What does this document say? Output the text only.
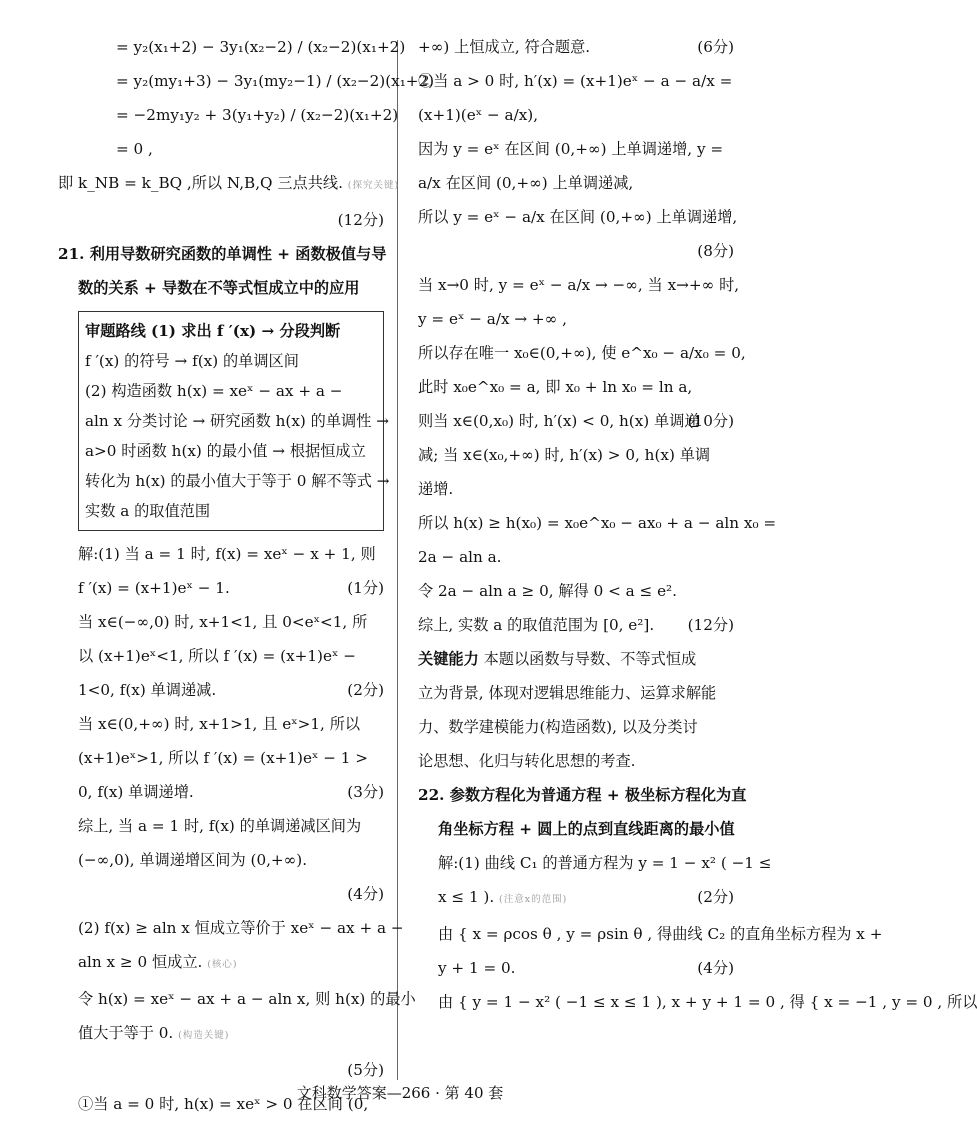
= y₂(x₁+2) − 3y₁(x₂−2) / (x₂−2)(x₁+2)
= y₂(my₁+3) − 3y₁(my₂−1) / (x₂−2)(x₁+2)
= −2my₁y₂ + 3(y₁+y₂) / (x₂−2)(x₁+2)
= 0 ,
即 k_NB = k_BQ ,所以 N,B,Q 三点共线. (探究关键)
(12分)
21. 利用导数研究函数的单调性 + 函数极值与导
数的关系 + 导数在不等式恒成立中的应用
审题路线 (1) 求出 f ′(x) → 分段判断
f ′(x) 的符号 → f(x) 的单调区间
(2) 构造函数 h(x) = xeˣ − ax + a −
aln x 分类讨论 → 研究函数 h(x) 的单调性 →
a>0 时函数 h(x) 的最小值 → 根据恒成立
转化为 h(x) 的最小值大于等于 0 解不等式 →
实数 a 的取值范围
解:(1) 当 a = 1 时, f(x) = xeˣ − x + 1, 则
f ′(x) = (x+1)eˣ − 1.	(1分)
当 x∈(−∞,0) 时, x+1<1, 且 0<eˣ<1, 所
以 (x+1)eˣ<1, 所以 f ′(x) = (x+1)eˣ −
1<0, f(x) 单调递减.	(2分)
当 x∈(0,+∞) 时, x+1>1, 且 eˣ>1, 所以
(x+1)eˣ>1, 所以 f ′(x) = (x+1)eˣ − 1 >
0, f(x) 单调递增.	(3分)
综上, 当 a = 1 时, f(x) 的单调递减区间为
(−∞,0), 单调递增区间为 (0,+∞).
(4分)
(2) f(x) ≥ aln x 恒成立等价于 xeˣ − ax + a −
aln x ≥ 0 恒成立. (核心)
令 h(x) = xeˣ − ax + a − aln x, 则 h(x) 的最小
值大于等于 0. (构造关键)
(5分)
①当 a = 0 时, h(x) = xeˣ > 0 在区间 (0,
+∞) 上恒成立, 符合题意.	(6分)
②当 a > 0 时, h′(x) = (x+1)eˣ − a − a/x =
(x+1)(eˣ − a/x),
因为 y = eˣ 在区间 (0,+∞) 上单调递增, y =
a/x 在区间 (0,+∞) 上单调递减,
所以 y = eˣ − a/x 在区间 (0,+∞) 上单调递增,
(8分)
当 x→0 时, y = eˣ − a/x → −∞, 当 x→+∞ 时,
y = eˣ − a/x → +∞ ,
所以存在唯一 x₀∈(0,+∞), 使 e^x₀ − a/x₀ = 0,
此时 x₀e^x₀ = a, 即 x₀ + ln x₀ = ln a,
(10分)
则当 x∈(0,x₀) 时, h′(x) < 0, h(x) 单调递
减; 当 x∈(x₀,+∞) 时, h′(x) > 0, h(x) 单调
递增.
所以 h(x) ≥ h(x₀) = x₀e^x₀ − ax₀ + a − aln x₀ =
2a − aln a.
令 2a − aln a ≥ 0, 解得 0 < a ≤ e².
综上, 实数 a 的取值范围为 [0, e²]. (12分)
关键能力 本题以函数与导数、不等式恒成
立为背景, 体现对逻辑思维能力、运算求解能
力、数学建模能力(构造函数), 以及分类讨
论思想、化归与转化思想的考查.
22. 参数方程化为普通方程 + 极坐标方程化为直
角坐标方程 + 圆上的点到直线距离的最小值
解:(1) 曲线 C₁ 的普通方程为 y = 1 − x² ( −1 ≤
x ≤ 1 ). (注意x的范围)	(2分)
由 { x = ρcos θ , y = ρsin θ , 得曲线 C₂ 的直角坐标方程为 x +
y + 1 = 0.	(4分)
由 { y = 1 − x² ( −1 ≤ x ≤ 1 ), x + y + 1 = 0 , 得 { x = −1 , y = 0 , 所以
文科数学答案—266 · 第 40 套
